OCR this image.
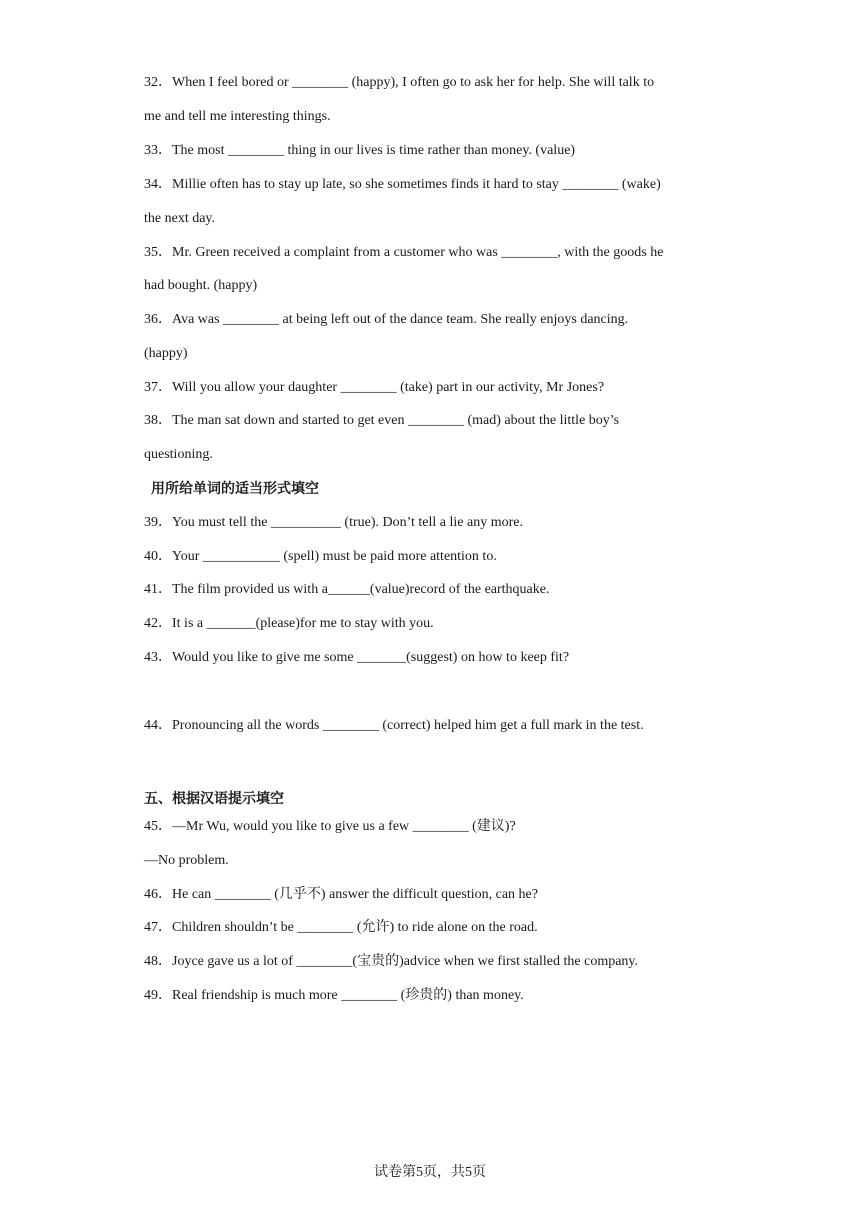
32．When I feel bored or ________ (happy), I often go to ask her for help. She will talk to
me and tell me interesting things.
33．The most ________ thing in our lives is time rather than money. (value)
34．Millie often has to stay up late, so she sometimes finds it hard to stay ________ (wake)
the next day.
35．Mr. Green received a complaint from a customer who was ________, with the goods he
had bought. (happy)
36．Ava was ________ at being left out of the dance team. She really enjoys dancing.
(happy)
37．Will you allow your daughter ________ (take) part in our activity, Mr Jones?
38．The man sat down and started to get even ________ (mad) about the little boy’s
questioning.
用所给单词的适当形式填空
39．You must tell the __________ (true). Don’t tell a lie any more.
40．Your ___________ (spell) must be paid more attention to.
41．The film provided us with a______(value)record of the earthquake.
42．It is a _______(please)for me to stay with you.
43．Would you like to give me some _______(suggest) on how to keep fit?
44．Pronouncing all the words ________ (correct) helped him get a full mark in the test.
五、根据汉语提示填空
45．—Mr Wu, would you like to give us a few ________ (建议)?
—No problem.
46．He can ________ (几乎不) answer the difficult question, can he?
47．Children shouldn’t be ________ (允许) to ride alone on the road.
48．Joyce gave us a lot of ________(宝贵的)advice when we first stalled the company.
49．Real friendship is much more ________ (珍贵的) than money.
试卷第5页，共5页
